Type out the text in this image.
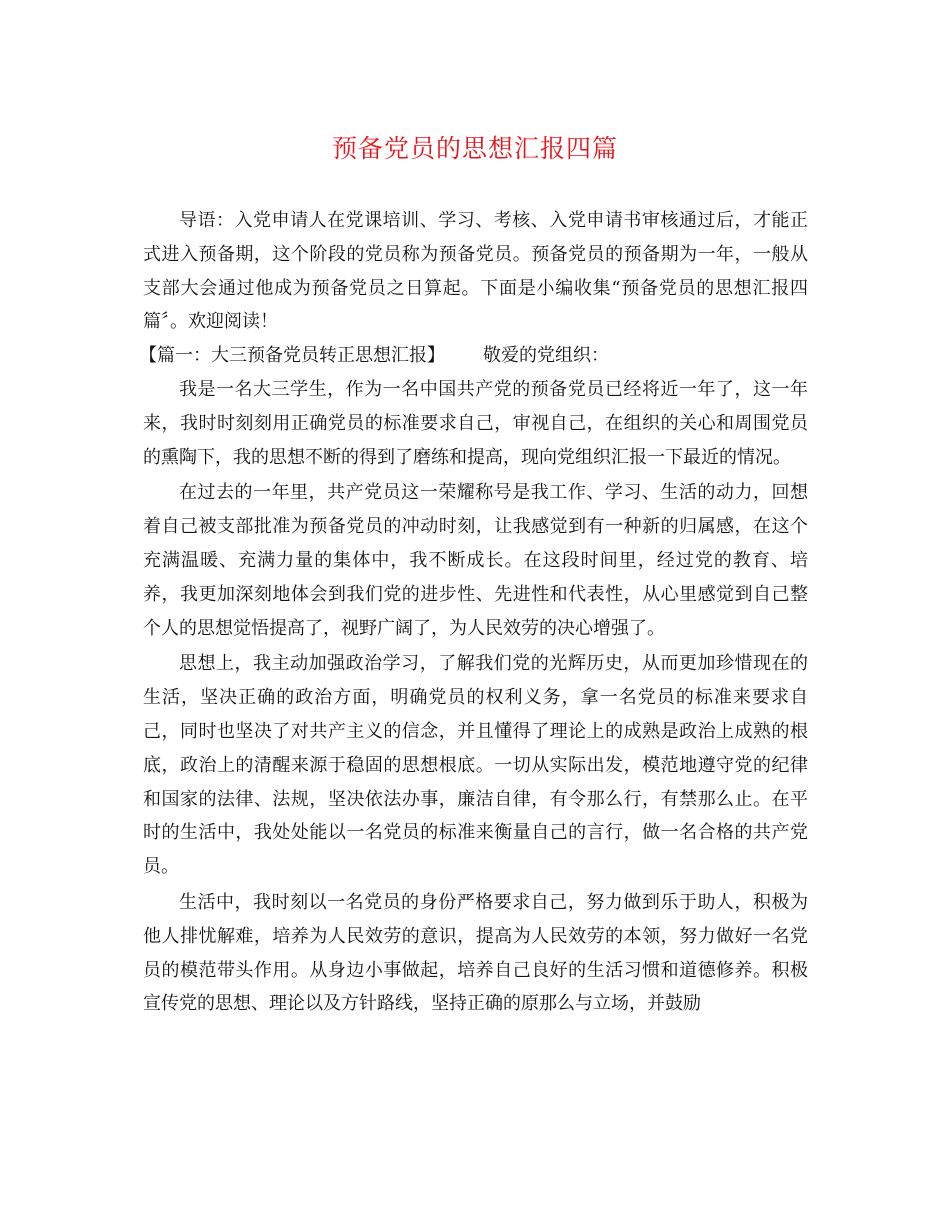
预备党员的思想汇报四篇

导语：入党申请人在党课培训、学习、考核、入党申请书审核通过后，才能正式进入预备期，这个阶段的党员称为预备党员。预备党员的预备期为一年，一般从支部大会通过他成为预备党员之日算起。下面是小编收集“预备党员的思想汇报四篇〞。欢迎阅读！

【篇一：大三预备党员转正思想汇报】 敬爱的党组织：

我是一名大三学生，作为一名中国共产党的预备党员已经将近一年了，这一年来，我时时刻刻用正确党员的标准要求自己，审视自己，在组织的关心和周围党员的熏陶下，我的思想不断的得到了磨练和提高，现向党组织汇报一下最近的情况。

在过去的一年里，共产党员这一荣耀称号是我工作、学习、生活的动力，回想着自己被支部批准为预备党员的冲动时刻，让我感觉到有一种新的归属感，在这个充满温暖、充满力量的集体中，我不断成长。在这段时间里，经过党的教育、培养，我更加深刻地体会到我们党的进步性、先进性和代表性，从心里感觉到自己整个人的思想觉悟提高了，视野广阔了，为人民效劳的决心增强了。

思想上，我主动加强政治学习，了解我们党的光辉历史，从而更加珍惜现在的生活，坚决正确的政治方面，明确党员的权利义务，拿一名党员的标准来要求自己，同时也坚决了对共产主义的信念，并且懂得了理论上的成熟是政治上成熟的根底，政治上的清醒来源于稳固的思想根底。一切从实际出发，模范地遵守党的纪律和国家的法律、法规，坚决依法办事，廉洁自律，有令那么行，有禁那么止。在平时的生活中，我处处能以一名党员的标准来衡量自己的言行，做一名合格的共产党员。

生活中，我时刻以一名党员的身份严格要求自己，努力做到乐于助人，积极为他人排忧解难，培养为人民效劳的意识，提高为人民效劳的本领，努力做好一名党员的模范带头作用。从身边小事做起，培养自己良好的生活习惯和道德修养。积极宣传党的思想、理论以及方针路线，坚持正确的原那么与立场，并鼓励
